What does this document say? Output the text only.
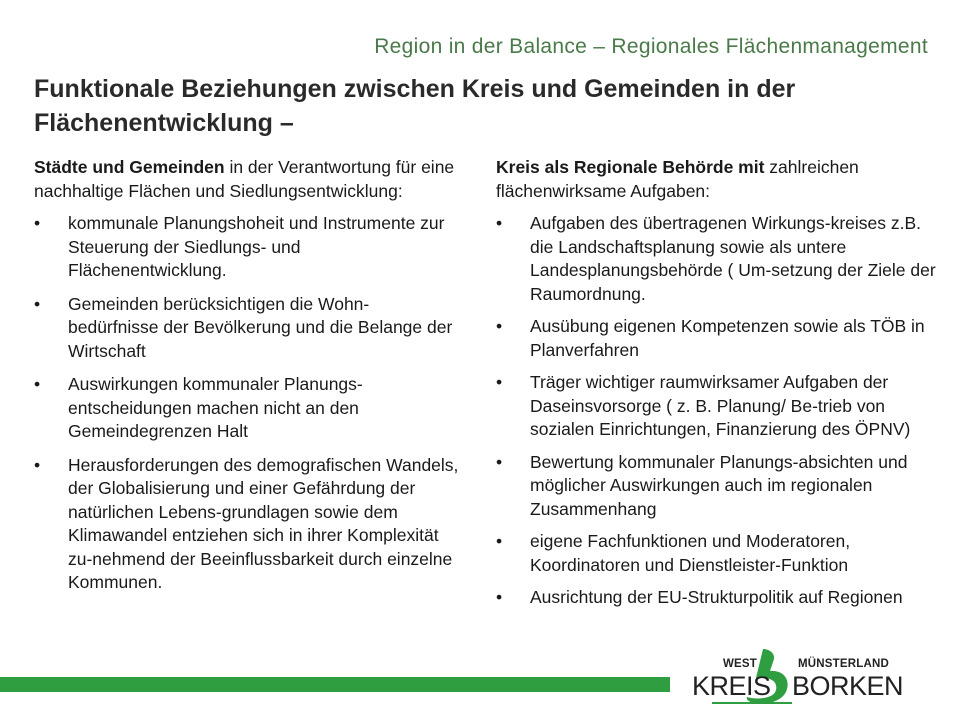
Region in der Balance – Regionales Flächenmanagement
Funktionale Beziehungen zwischen Kreis und Gemeinden in der Flächenentwicklung –

Städte und Gemeinden in der Verantwortung für eine nachhaltige Flächen und Siedlungsentwicklung:

• kommunale Planungshoheit und Instrumente zur Steuerung der Siedlungs- und Flächenentwicklung.
• Gemeinden berücksichtigen die Wohn-bedürfnisse der Bevölkerung und die Belange der Wirtschaft
• Auswirkungen kommunaler Planungs-entscheidungen machen nicht an den Gemeindegrenzen Halt
• Herausforderungen des demografischen Wandels, der Globalisierung und einer Gefährdung der natürlichen Lebens-grundlagen sowie dem Klimawandel entziehen sich in ihrer Komplexität zu-nehmend der Beeinflussbarkeit durch einzelne Kommunen.

Kreis als Regionale Behörde mit zahlreichen flächenwirksame Aufgaben:

• Aufgaben des übertragenen Wirkungs-kreises z.B. die Landschaftsplanung sowie als untere Landesplanungsbehörde ( Um-setzung der Ziele der Raumordnung.
• Ausübung eigenen Kompetenzen sowie als TÖB in Planverfahren
• Träger wichtiger raumwirksamer Aufgaben der Daseinsvorsorge ( z. B. Planung/ Be-trieb von sozialen Einrichtungen, Finanzierung des ÖPNV)
• Bewertung kommunaler Planungs-absichten und möglicher Auswirkungen auch im regionalen Zusammenhang
• eigene Fachfunktionen und Moderatoren, Koordinatoren und Dienstleister-Funktion
• Ausrichtung der EU-Strukturpolitik auf Regionen
WEST	MÜNSTERLAND
KREIS BORKEN
